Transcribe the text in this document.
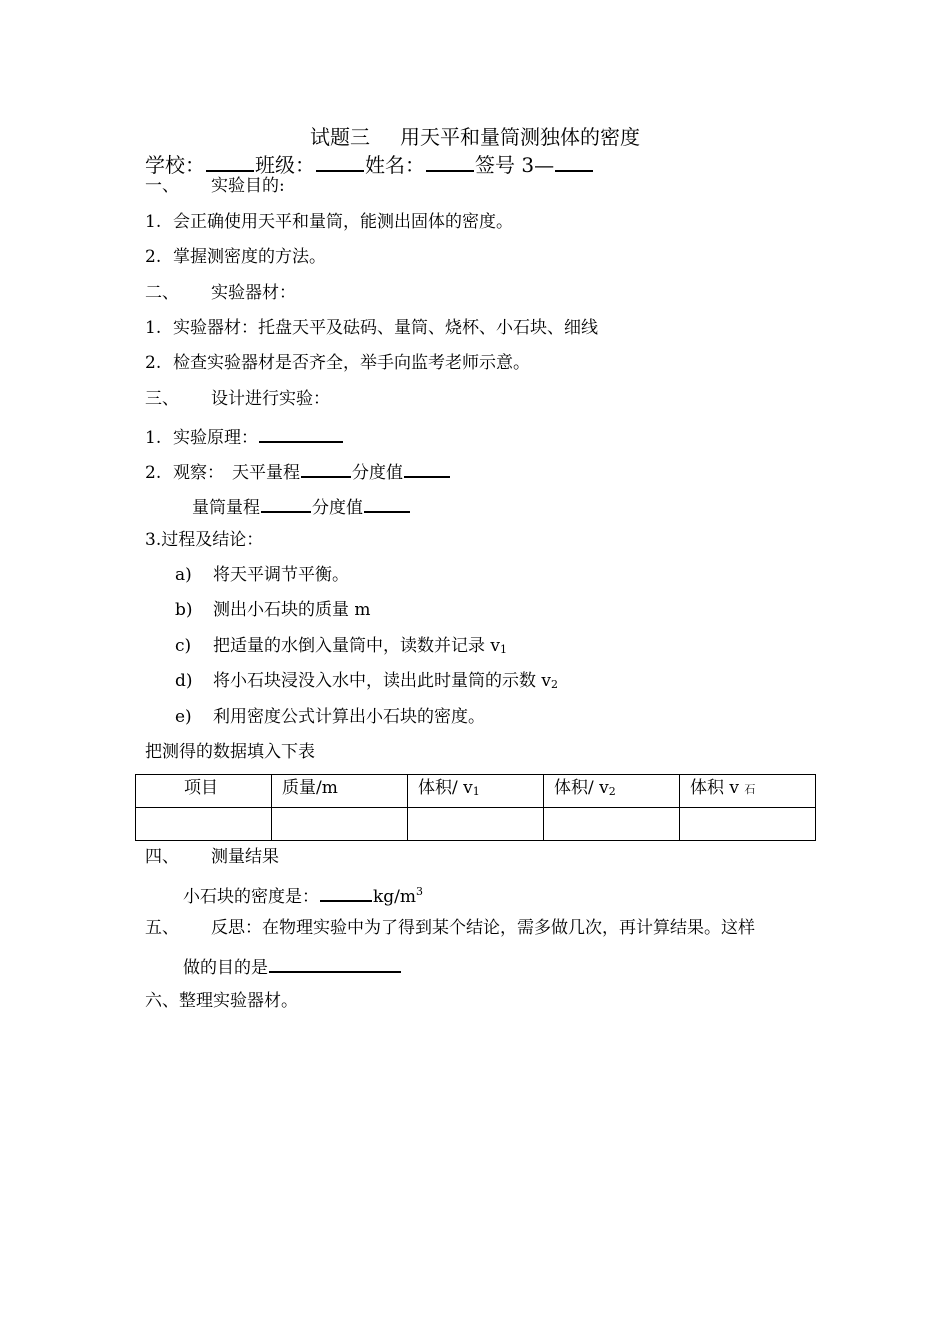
试题三 用天平和量筒测独体的密度
学校：	班级：	姓名：	签号 3—
一、 实验目的:
1. 会正确使用天平和量筒，能测出固体的密度。
2. 掌握测密度的方法。
二、 实验器材：
1. 实验器材：托盘天平及砝码、量筒、烧杯、小石块、细线
2. 检查实验器材是否齐全，举手向监考老师示意。
三、 设计进行实验：
1. 实验原理：
2. 观察： 天平量程	分度值
量筒量程	分度值
3.过程及结论：
a) 将天平调节平衡。
b) 测出小石块的质量 m
c) 把适量的水倒入量筒中，读数并记录 v1
d) 将小石块浸没入水中，读出此时量筒的示数 v2
e) 利用密度公式计算出小石块的密度。
把测得的数据填入下表
项目	质量/m	体积/ v1	体积/ v2	体积 v 石

四、 测量结果
小石块的密度是：	$kg/m^3$
五、 反思：在物理实验中为了得到某个结论，需多做几次，再计算结果。这样
做的目的是
六、整理实验器材。
